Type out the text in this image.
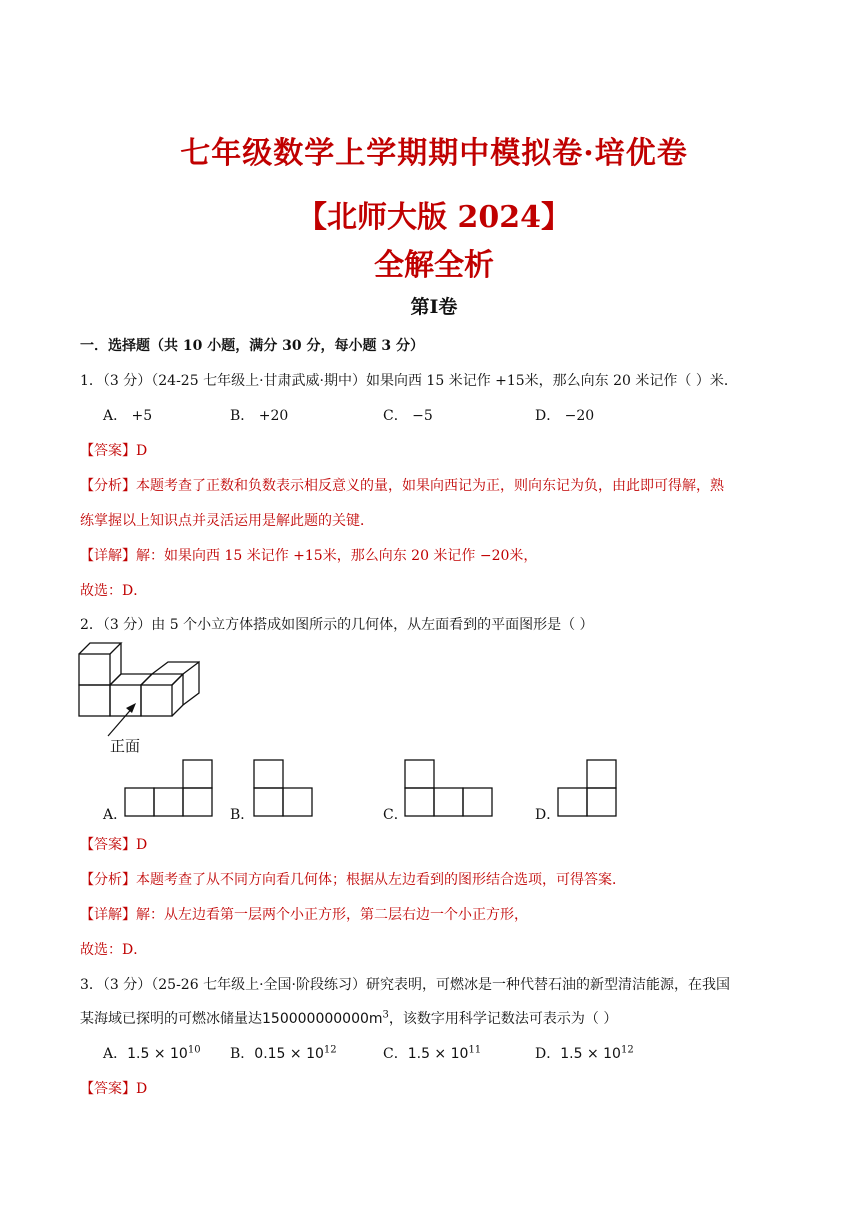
七年级数学上学期期中模拟卷·培优卷
【北师大版 2024】
全解全析
第I卷
一．选择题（共 10 小题，满分 30 分，每小题 3 分）
1．（3 分）（24-25 七年级上·甘肃武威·期中）如果向西 15 米记作 +15米，那么向东 20 米记作（ ）米．
A． +5	B． +20	C． −5	D． −20
【答案】D
【分析】本题考查了正数和负数表示相反意义的量，如果向西记为正，则向东记为负，由此即可得解，熟
练掌握以上知识点并灵活运用是解此题的关键．
【详解】解：如果向西 15 米记作 +15米，那么向东 20 米记作 −20米，
故选：D．
2．（3 分）由 5 个小立方体搭成如图所示的几何体，从左面看到的平面图形是（ ）
正面
A．	B．	C．	D．
【答案】D
【分析】本题考查了从不同方向看几何体；根据从左边看到的图形结合选项，可得答案．
【详解】解：从左边看第一层两个小正方形，第二层右边一个小正方形，
故选：D．
3．（3 分）（25-26 七年级上·全国·阶段练习）研究表明，可燃冰是一种代替石油的新型清洁能源，在我国
某海域已探明的可燃冰储量达$150000000000m^3$，该数字用科学记数法可表示为（ ）
A．$1.5 \times 10^{10}$ B．$0.15 \times 10^{12}$	C．$1.5 \times 10^{11}$	D．$1.5 \times 10^{12}$
【答案】D
